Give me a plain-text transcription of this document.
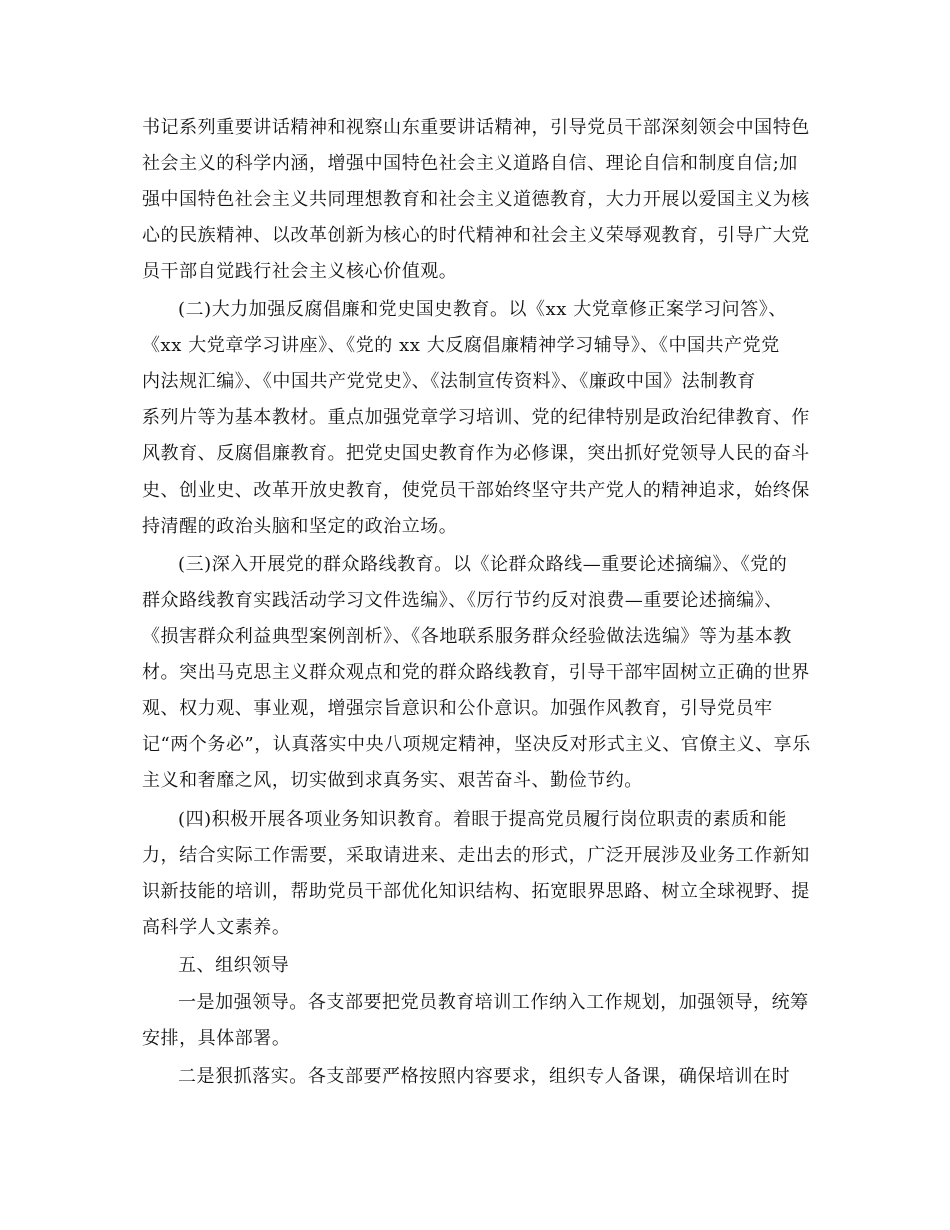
书记系列重要讲话精神和视察山东重要讲话精神，引导党员干部深刻领会中国特色
社会主义的科学内涵，增强中国特色社会主义道路自信、理论自信和制度自信;加
强中国特色社会主义共同理想教育和社会主义道德教育，大力开展以爱国主义为核
心的民族精神、以改革创新为核心的时代精神和社会主义荣辱观教育，引导广大党
员干部自觉践行社会主义核心价值观。
(二)大力加强反腐倡廉和党史国史教育。以《xx 大党章修正案学习问答》、
《xx 大党章学习讲座》、《党的 xx 大反腐倡廉精神学习辅导》、《中国共产党党
内法规汇编》、《中国共产党党史》、《法制宣传资料》、《廉政中国》法制教育
系列片等为基本教材。重点加强党章学习培训、党的纪律特别是政治纪律教育、作
风教育、反腐倡廉教育。把党史国史教育作为必修课，突出抓好党领导人民的奋斗
史、创业史、改革开放史教育，使党员干部始终坚守共产党人的精神追求，始终保
持清醒的政治头脑和坚定的政治立场。
(三)深入开展党的群众路线教育。以《论群众路线—重要论述摘编》、《党的
群众路线教育实践活动学习文件选编》、《厉行节约反对浪费—重要论述摘编》、
《损害群众利益典型案例剖析》、《各地联系服务群众经验做法选编》等为基本教
材。突出马克思主义群众观点和党的群众路线教育，引导干部牢固树立正确的世界
观、权力观、事业观，增强宗旨意识和公仆意识。加强作风教育，引导党员牢
记“两个务必”，认真落实中央八项规定精神，坚决反对形式主义、官僚主义、享乐
主义和奢靡之风，切实做到求真务实、艰苦奋斗、勤俭节约。
(四)积极开展各项业务知识教育。着眼于提高党员履行岗位职责的素质和能
力，结合实际工作需要，采取请进来、走出去的形式，广泛开展涉及业务工作新知
识新技能的培训，帮助党员干部优化知识结构、拓宽眼界思路、树立全球视野、提
高科学人文素养。
五、组织领导
一是加强领导。各支部要把党员教育培训工作纳入工作规划，加强领导，统筹
安排，具体部署。
二是狠抓落实。各支部要严格按照内容要求，组织专人备课，确保培训在时
